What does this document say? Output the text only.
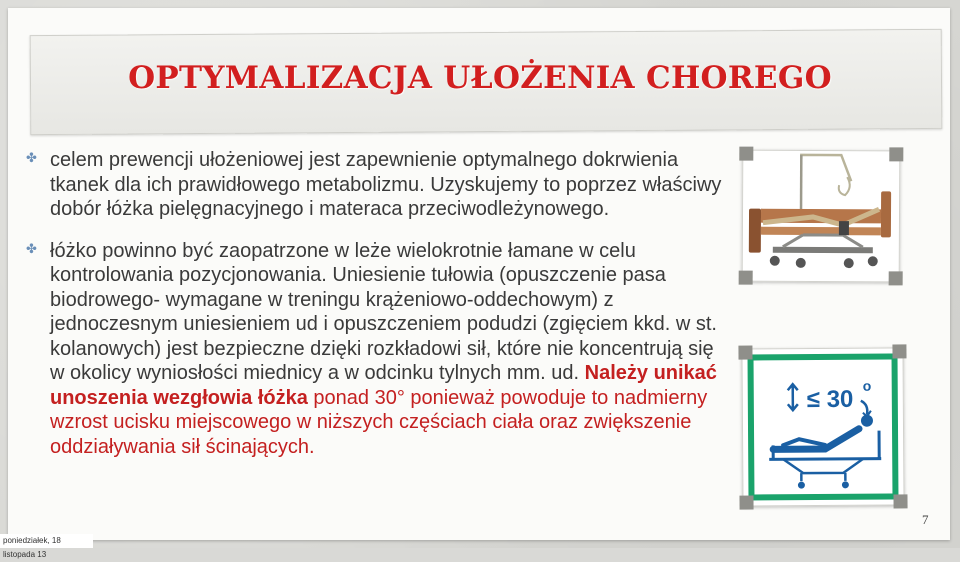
OPTYMALIZACJA UŁOŻENIA CHOREGO
✤ celem prewencji ułożeniowej jest zapewnienie optymalnego dokrwienia tkanek dla ich prawidłowego metabolizmu. Uzyskujemy to poprzez właściwy dobór łóżka pielęgnacyjnego i materaca przeciwodleżynowego.
✤ łóżko powinno być zaopatrzone w leże wielokrotnie łamane w celu kontrolowania pozycjonowania. Uniesienie tułowia (opuszczenie pasa biodrowego- wymagane w treningu krążeniowo-oddechowym) z jednoczesnym uniesieniem ud i opuszczeniem podudzi (zgięciem kkd. w st. kolanowych) jest bezpieczne dzięki rozkładowi sił, które nie koncentrują się w okolicy wyniosłości miednicy a w odcinku tylnych mm. ud. Należy unikać unoszenia wezgłowia łóżka ponad 30° ponieważ powoduje to nadmierny wzrost ucisku miejscowego w niższych częściach ciała oraz zwiększenie oddziaływania sił ścinających.
≤ 30
o
7
poniedziałek, 18 listopada 13
